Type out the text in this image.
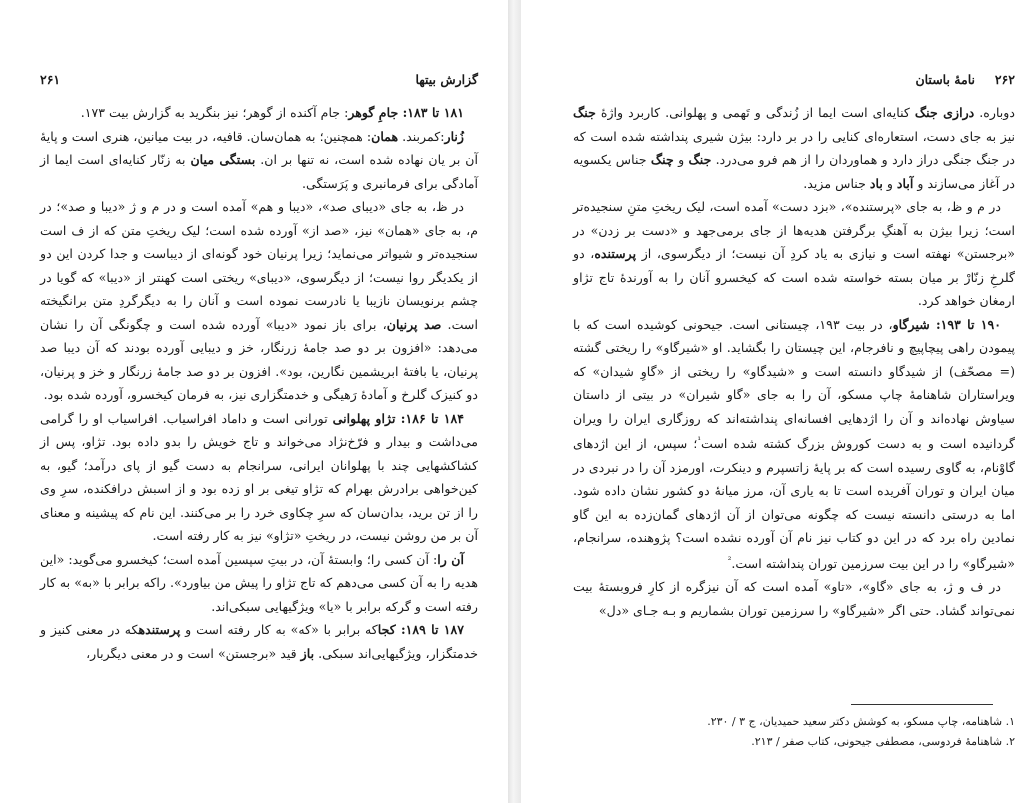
۲۶۱	گزارش بیتها

۱۸۱ تا ۱۸۳: جامِ گوهر: جام آکنده از گوهر؛ نیز بنگرید به گزارش بیت ۱۷۳.

زُنار:کمربند. همان: همچنین؛ به همان‌سان. قافیه، در بیت میانین، هنری است و پایهٔ آن بر یان نهاده شده است، نه تنها بر ان. بستگی میان به زنّار کنایه‌ای است ایما از آمادگی برای فرمانبری و پَرَستگی.

در ظ، به جای «دیبای صد»، «دیبا و هم» آمده است و در م و ژ «دیبا و صد»؛ در م، به جای «همان» نیز، «صد از» آورده شده است؛ لیک ریختِ متن که از ف است سنجیده‌تر و شیواتر می‌نماید؛ زیرا پرنیان خود گونه‌ای از دیباست و جدا کردن این دو از یکدیگر روا نیست؛ از دیگرسوی، «دیبای» ریختی است کهنتر از «دیبا» که گویا در چشم برنویسان نازیبا یا نادرست نموده است و آنان را به دیگرگردِ متن برانگیخته است. صد پرنیان، برای باز نمود «دیبا» آورده شده است و چگونگی آن را نشان می‌دهد: «افزون بر دو صد جامهٔ زرنگار، خز و دیبایی آورده بودند که آن دیبا صد پرنیان، یا بافتهٔ ابریشمین نگارین، بود». افزون بر دو صد جامهٔ زرنگار و خز و پرنیان، دو کنیزک گلرخ و آمادهٔ رَهیگی و خدمتگزاری نیز، به فرمان کیخسرو، آورده شده بود.

۱۸۴ تا ۱۸۶: تژاو پهلوانی تورانی است و داماد افراسیاب. افراسیاب او را گرامی می‌داشت و بیدار و فرّخ‌نژاد می‌خواند و تاج خویش را بدو داده بود. تژاو، پس از کشاکشهایی چند با پهلوانان ایرانی، سرانجام به دست گیو از پای درآمد؛ گیو، به کین‌خواهی برادرش بهرام که تژاو تیغی بر او زده بود و از اسبش درافکنده، سرِ وی را از تن برید، بدان‌سان که سرِ چکاوی خرد را بر می‌کنند. این نام که پیشینه و معنای آن بر من روشن نیست، در ریختِ «تژاو» نیز به کار رفته است.

آن را: آن کسی را؛ وابستهٔ آن، در بیتِ سپسین آمده است؛ کیخسرو می‌گوید: «این هدیه را به آن کسی می‌دهم که تاج تژاو را پیش من بیاورد». راکه برابر با «به» به کار رفته است و گرکه برابر با «یا» ویژگیهایی سبکی‌اند.

۱۸۷ تا ۱۸۹: کجاکه برابر با «که» به کار رفته است و پرستندهکه در معنی کنیز و خدمتگزار، ویژگیهایی‌اند سبکی. باز قید «برجستن» است و در معنی دیگربار،

۲۶۲
نامهٔ باستان

دوباره. درازی جنگ کنایه‌ای است ایما از زُندگی و تَهمی و پهلوانی. کاربرد واژهٔ جنگ نیز به جای دست، استعاره‌ای کنایی را در بر دارد: بیژن شیری پنداشته شده است که در جنگ جنگی دراز دارد و هماوردان را از هم فرو می‌درد. جنگ و چنگ جناس یکسویه در آغاز می‌سازند و آباد و باد جناس مزید.

در م و ظ، به جای «پرستنده»، «بزد دست» آمده است، لیک ریختِ متنِ سنجیده‌تر است؛ زیرا بیژن به آهنگِ برگرفتن هدیه‌ها از جای برمی‌جهد و «دست بر زدن» در «برجستن» نهفته است و نیازی به یاد کردِ آن نیست؛ از دیگرسوی، از پرستنده، دو گلرخِ زنّارْ بر میان بسته خواسته شده است که کیخسرو آنان را به آورندهٔ تاج تژاو ارمغان خواهد کرد.

۱۹۰ تا ۱۹۳: شیرگاو، در بیت ۱۹۳، چیستانی است. جیحونی کوشیده است که با پیمودن راهی پیچاپیچ و نافرجام، این چیستان را بگشاید. او «شیرگاو» را ریختی گشته (= مصحّف) از شیدگاو دانسته است و «شیدگاو» را ریختی از «گاوِ شیدان» که ویراستاران شاهنامهٔ چاپ مسکو، آن را به جای «گاو شیران» در بیتی از داستان سیاوش نهاده‌اند و آن را اژدهایی افسانه‌ای پنداشته‌اند که روزگاری ایران را ویران گردانیده است و به دست کوروش بزرگ کشته شده است$^{^1}$؛ سپس، از این اژدهای گاوْنام، به گاوی رسیده است که بر پایهٔ زاتسپرم و دینکرت، اورمزد آن را در نبردی در میان ایران و توران آفریده است تا به یاری آن، مرز میانهٔ دو کشور نشان داده شود. اما به درستی دانسته نیست که چگونه می‌توان از آن اژدهای گمان‌زده به این گاو نمادین راه برد که در این دو کتاب نیز نام آن آورده نشده است؟ پژوهنده، سرانجام، «شیرگاو» را در این بیت سرزمین توران پنداشته است.$^{^2}$

در ف و ژ، به جای «گاو»، «تاو» آمده است که آن نیزگره از کارِ فروبستهٔ بیت نمی‌تواند گشاد. حتی اگر «شیرگاو» را سرزمین توران بشماریم و بـه جـای «دل»

۱. شاهنامه، چاپ مسکو، به کوشش دکتر سعید حمیدیان، ج ۳ / ۲۳۰.
۲. شاهنامهٔ فردوسی، مصطفی جیحونی، کتاب صفر / ۲۱۳.
